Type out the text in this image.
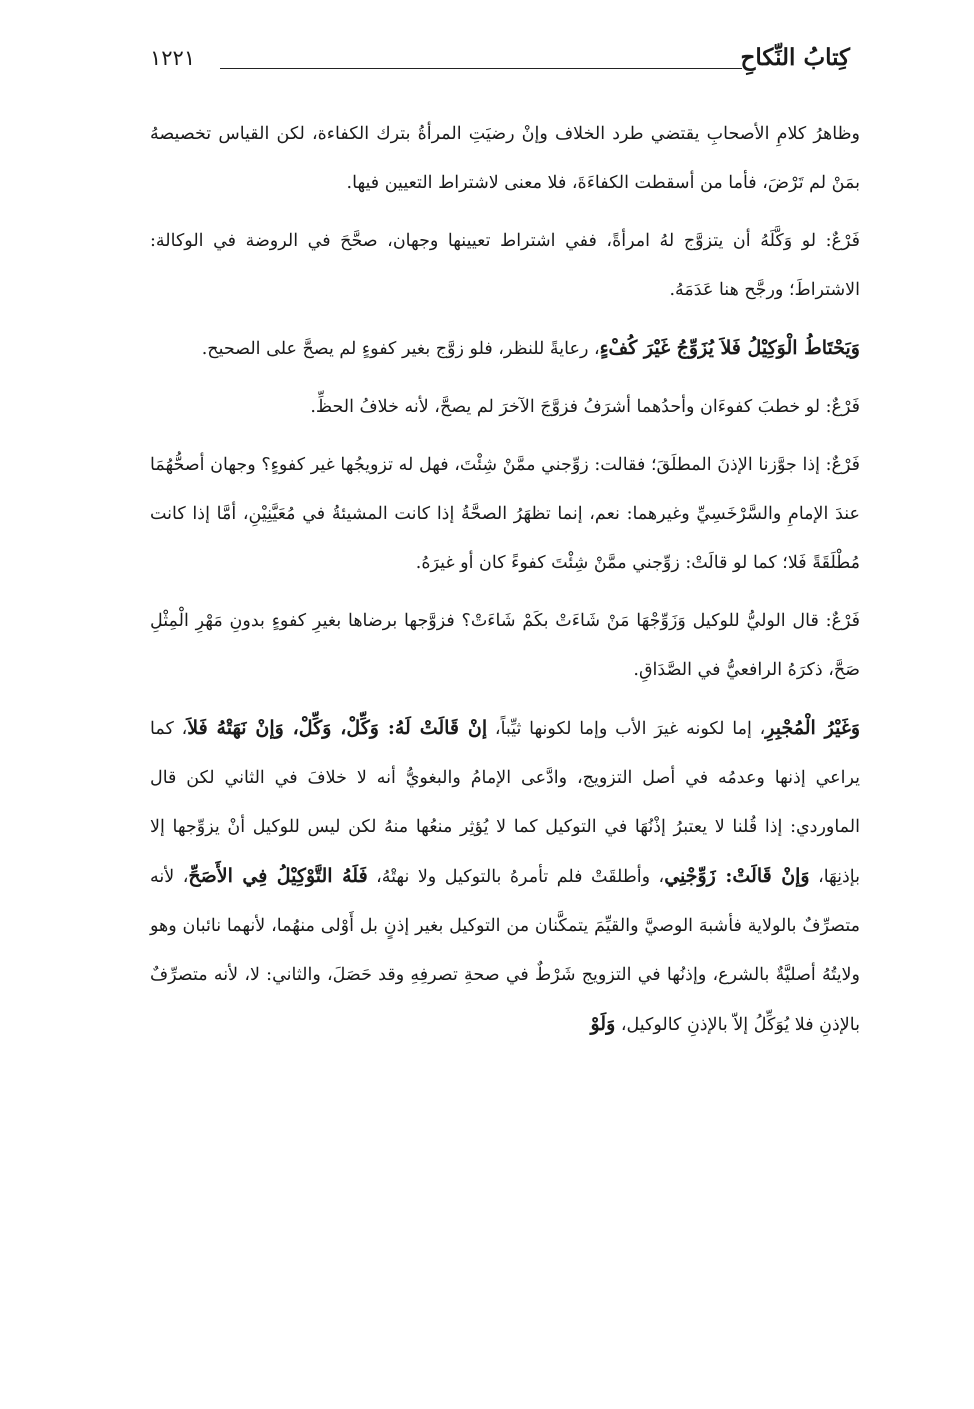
كِتابُ النِّكاحِ
١٢٢١

وظاهرُ كلامِ الأصحابِ يقتضي طرد الخلاف وإنْ رضيَتِ المرأةُ بترك الكفاءة، لكن القياس تخصيصهُ بمَنْ لم تَرْضَ، فأما من أسقطت الكفاءَةَ، فلا معنى لاشتراط التعيين فيها.

فَرْعٌ: لو وَكَّلَهُ أن يتزوَّج لهُ امرأةً، ففي اشتراط تعيينها وجهان، صحَّحَ في الروضة في الوكالة: الاشتراطَ؛ ورجَّح هنا عَدَمَهُ.

وَيَحْتَاطُ الْوَكِيْلُ فَلاَ يُزَوِّجُ غَيْرَ كُفْءٍ، رعايةً للنظر، فلو زوَّج بغير كفوءٍ لم يصحَّ على الصحيح.

فَرْعٌ: لو خطبَ كفوءَان وأحدُهما أشرَفُ فزوَّجَ الآخرَ لم يصحَّ، لأنه خلافُ الحظِّ.

فَرْعٌ: إذا جوَّزنا الإذنَ المطلَقَ؛ فقالت: زوِّجني ممَّنْ شِئْتَ، فهل له تزويجُها غير كفوءٍ؟ وجهان أصحُّهُمَا عندَ الإمامِ والسَّرْخَسِيِّ وغيرهما: نعم، إنما تظهَرُ الصحَّةُ إذا كانت المشيئةُ في مُعَيَّنِيْنِ، أمَّا إذا كانت مُطْلَقَةً فَلا؛ كما لو قالَتْ: زوِّجني ممَّنْ شِئْتَ كفوءً كان أو غيرَهُ.

فَرْعٌ: قال الوليُّ للوكيل وَزَوِّجْهَا مَنْ شَاءَتْ بكَمْ شَاءَتْ؟ فزوَّجها برضاها بغيرِ كفوءٍ بدونِ مَهْرِ الْمِثْلِ صَحَّ، ذكرَهُ الرافعيُّ في الصَّدَاقِ.

وَغَيْرُ الْمُجْبِرِ، إما لكونه غيرَ الأب وإما لكونها ثيِّباً، إنْ قَالَتْ لَهُ: وَكِّلْ، وَكِّلْ، وَإنْ نَهَتْهُ فَلاَ، كما يراعي إذنها وعدمُه في أصل التزويج، وادَّعى الإمامُ والبغويُّ أنه لا خلافَ في الثاني لكن قال الماوردي: إذا قُلنا لا يعتبرُ إذْنُهَا في التوكيل كما لا يُؤثِر منعُها منهُ لكن ليس للوكيل أنْ يزوِّجها إلا بإذنِهَا، وَإنْ قَالَتْ: زَوِّجْنِي، وأطلقَتْ فلم تأمرهُ بالتوكيل ولا نهتْهُ، فَلَهُ التَّوْكِيْلُ فِي الأَصَحِّ، لأنه متصرِّفٌ بالولاية فأشبهَ الوصيَّ والقيِّمَ يتمكَّنان من التوكيل بغير إذنٍ بل أَوْلى منهُما، لأنهما نائبان وهو ولايتُهُ أصليَّةٌ بالشرع، وإذنُها في التزويج شَرْطٌ في صحةِ تصرفِهِ وقد حَصَلَ، والثاني: لا، لأنه متصرِّفٌ بالإذنِ فلا يُوَكِّلُ إلاّ بالإذنِ كالوكيل، وَلَوْ
